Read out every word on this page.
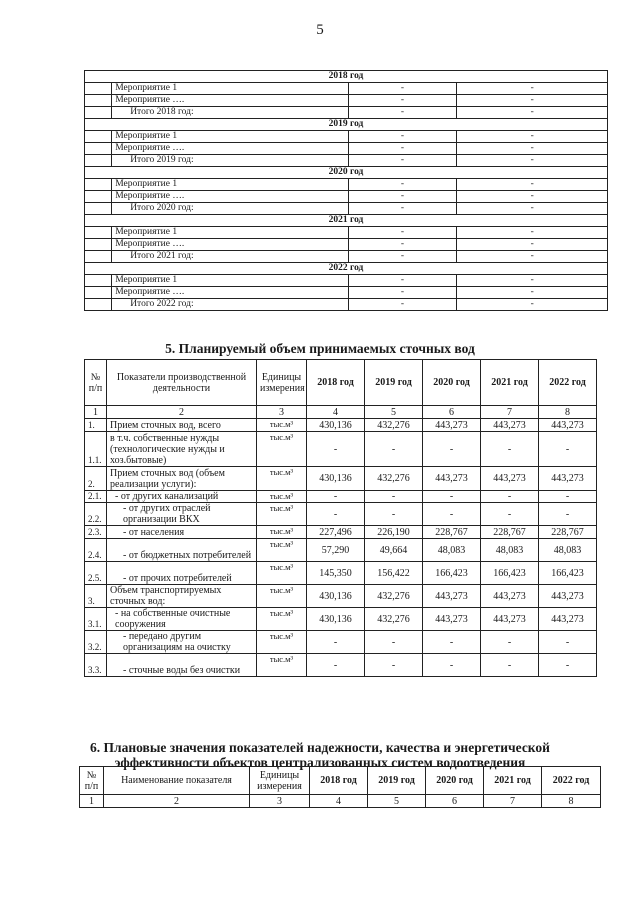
5
2018 год			
	Мероприятие 1	-	-
	Мероприятие ….	-	-
	Итого 2018 год:	-	-
2019 год			
	Мероприятие 1	-	-
	Мероприятие ….	-	-
	Итого 2019 год:	-	-
2020 год			
	Мероприятие 1	-	-
	Мероприятие ….	-	-
	Итого 2020 год:	-	-
2021 год			
	Мероприятие 1	-	-
	Мероприятие ….	-	-
	Итого 2021 год:	-	-
2022 год			
	Мероприятие 1	-	-
	Мероприятие ….	-	-
	Итого 2022 год:	-	-
5. Планируемый объем принимаемых сточных вод
№ п/п	Показатели производственной деятельности	Единицы измерения	2018 год	2019 год	2020 год	2021 год	2022 год
1	2	3	4	5	6	7	8
1.	Прием сточных вод, всего	тыс.м³	430,136	432,276	443,273	443,273	443,273
1.1.	в т.ч. собственные нужды (технологические нужды и хоз.бытовые)	тыс.м³	-	-	-	-	-
2.	Прием сточных вод (объем реализации услуги):	тыс.м³	430,136	432,276	443,273	443,273	443,273
2.1.	- от других канализаций	тыс.м³	-	-	-	-	-
2.2.	- от других отраслей организации ВКХ	тыс.м³	-	-	-	-	-
2.3.	- от населения	тыс.м³	227,496	226,190	228,767	228,767	228,767
2.4.	- от бюджетных потребителей	тыс.м³	57,290	49,664	48,083	48,083	48,083
2.5.	- от прочих потребителей	тыс.м³	145,350	156,422	166,423	166,423	166,423
3.	Объем транспортируемых сточных вод:	тыс.м³	430,136	432,276	443,273	443,273	443,273
3.1.	- на собственные очистные сооружения	тыс.м³	430,136	432,276	443,273	443,273	443,273
3.2.	- передано другим организациям на очистку	тыс.м³	-	-	-	-	-
3.3.	- сточные воды без очистки	тыс.м³	-	-	-	-	-
6. Плановые значения показателей надежности, качества и энергетической
эффективности объектов централизованных систем водоотведения
№ п/п	Наименование показателя	Единицы измерения	2018 год	2019 год	2020 год	2021 год	2022 год
1	2	3	4	5	6	7	8
